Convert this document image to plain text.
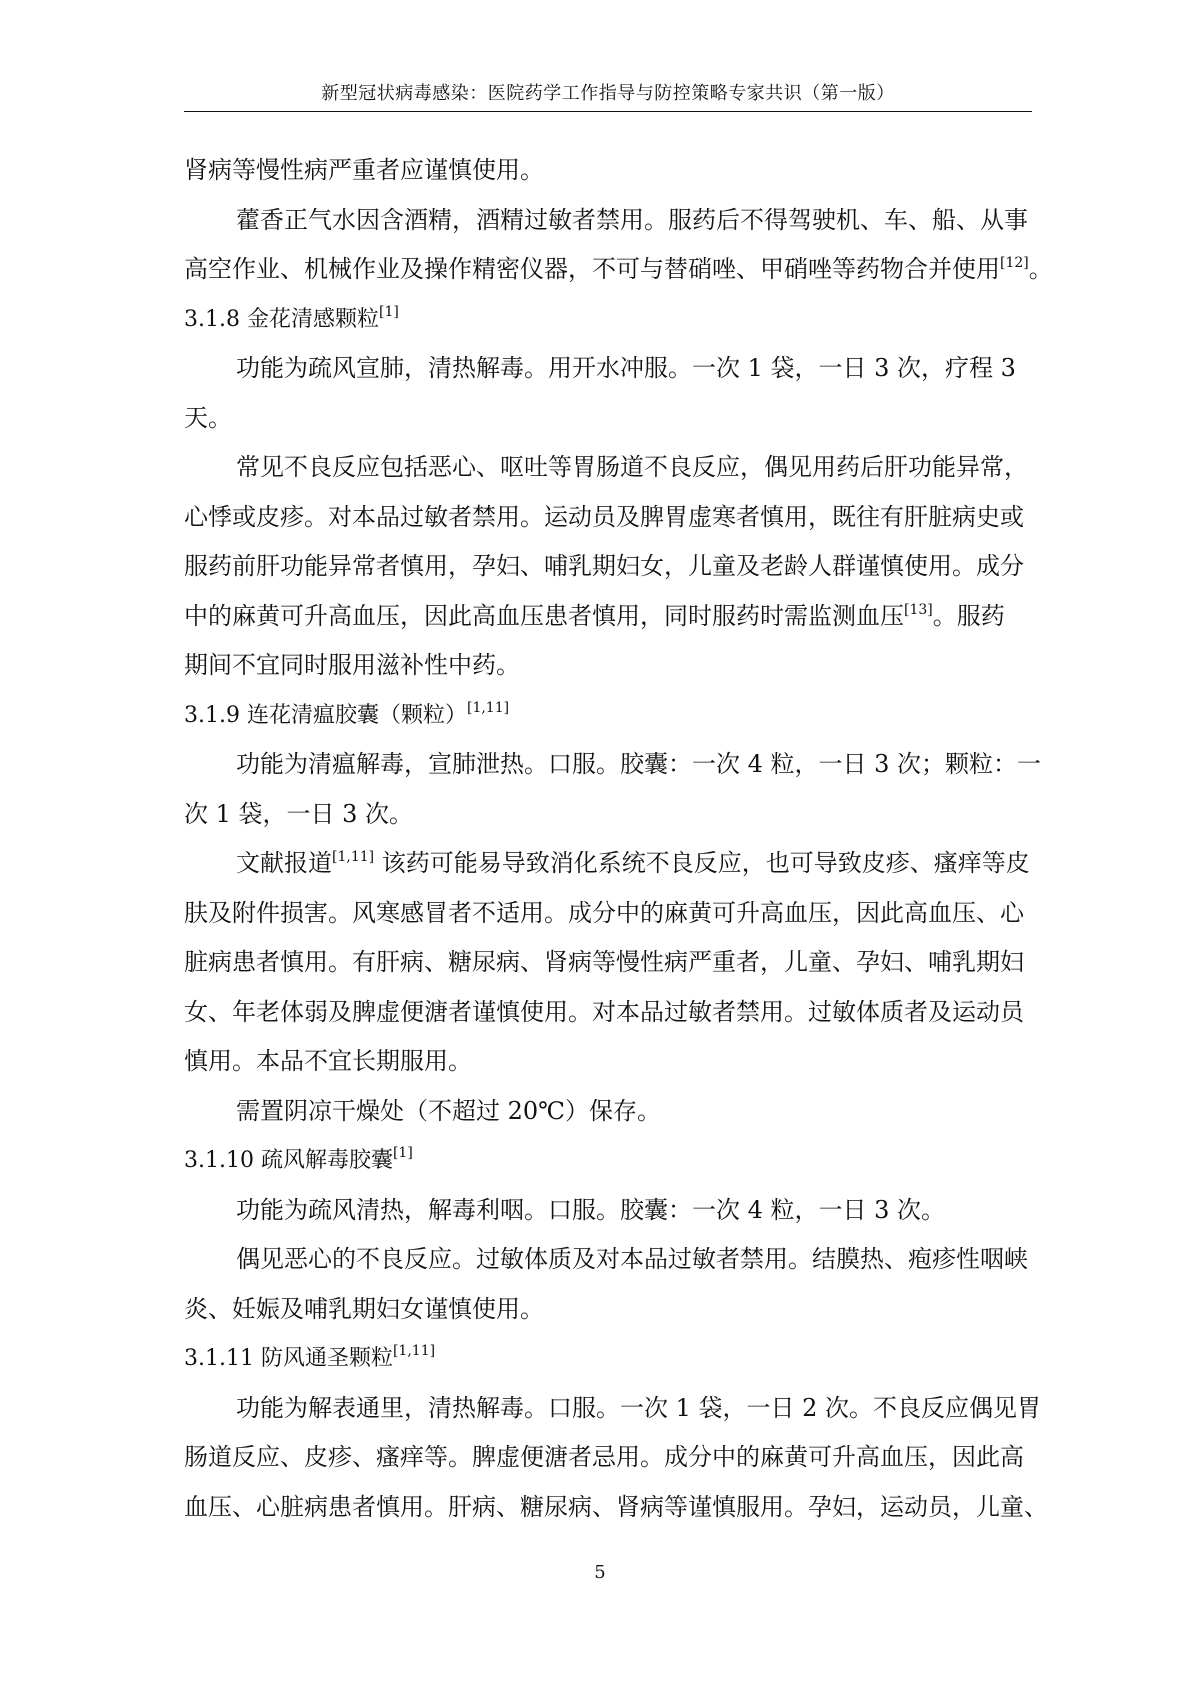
新型冠状病毒感染：医院药学工作指导与防控策略专家共识（第一版）
肾病等慢性病严重者应谨慎使用。
藿香正气水因含酒精，酒精过敏者禁用。服药后不得驾驶机、车、船、从事
高空作业、机械作业及操作精密仪器，不可与替硝唑、甲硝唑等药物合并使用[12]。
3.1.8 金花清感颗粒[1]
功能为疏风宣肺，清热解毒。用开水冲服。一次 1 袋，一日 3 次，疗程 3
天。
常见不良反应包括恶心、呕吐等胃肠道不良反应，偶见用药后肝功能异常，
心悸或皮疹。对本品过敏者禁用。运动员及脾胃虚寒者慎用，既往有肝脏病史或
服药前肝功能异常者慎用，孕妇、哺乳期妇女，儿童及老龄人群谨慎使用。成分
中的麻黄可升高血压，因此高血压患者慎用，同时服药时需监测血压[13]。服药
期间不宜同时服用滋补性中药。
3.1.9 连花清瘟胶囊（颗粒）[1,11]
功能为清瘟解毒，宣肺泄热。口服。胶囊：一次 4 粒，一日 3 次；颗粒：一
次 1 袋，一日 3 次。
文献报道[1,11] 该药可能易导致消化系统不良反应，也可导致皮疹、瘙痒等皮
肤及附件损害。风寒感冒者不适用。成分中的麻黄可升高血压，因此高血压、心
脏病患者慎用。有肝病、糖尿病、肾病等慢性病严重者，儿童、孕妇、哺乳期妇
女、年老体弱及脾虚便溏者谨慎使用。对本品过敏者禁用。过敏体质者及运动员
慎用。本品不宜长期服用。
需置阴凉干燥处（不超过 20℃）保存。
3.1.10 疏风解毒胶囊[1]
功能为疏风清热，解毒利咽。口服。胶囊：一次 4 粒，一日 3 次。
偶见恶心的不良反应。过敏体质及对本品过敏者禁用。结膜热、疱疹性咽峡
炎、妊娠及哺乳期妇女谨慎使用。
3.1.11 防风通圣颗粒[1,11]
功能为解表通里，清热解毒。口服。一次 1 袋，一日 2 次。不良反应偶见胃
肠道反应、皮疹、瘙痒等。脾虚便溏者忌用。成分中的麻黄可升高血压，因此高
血压、心脏病患者慎用。肝病、糖尿病、肾病等谨慎服用。孕妇，运动员，儿童、
5
